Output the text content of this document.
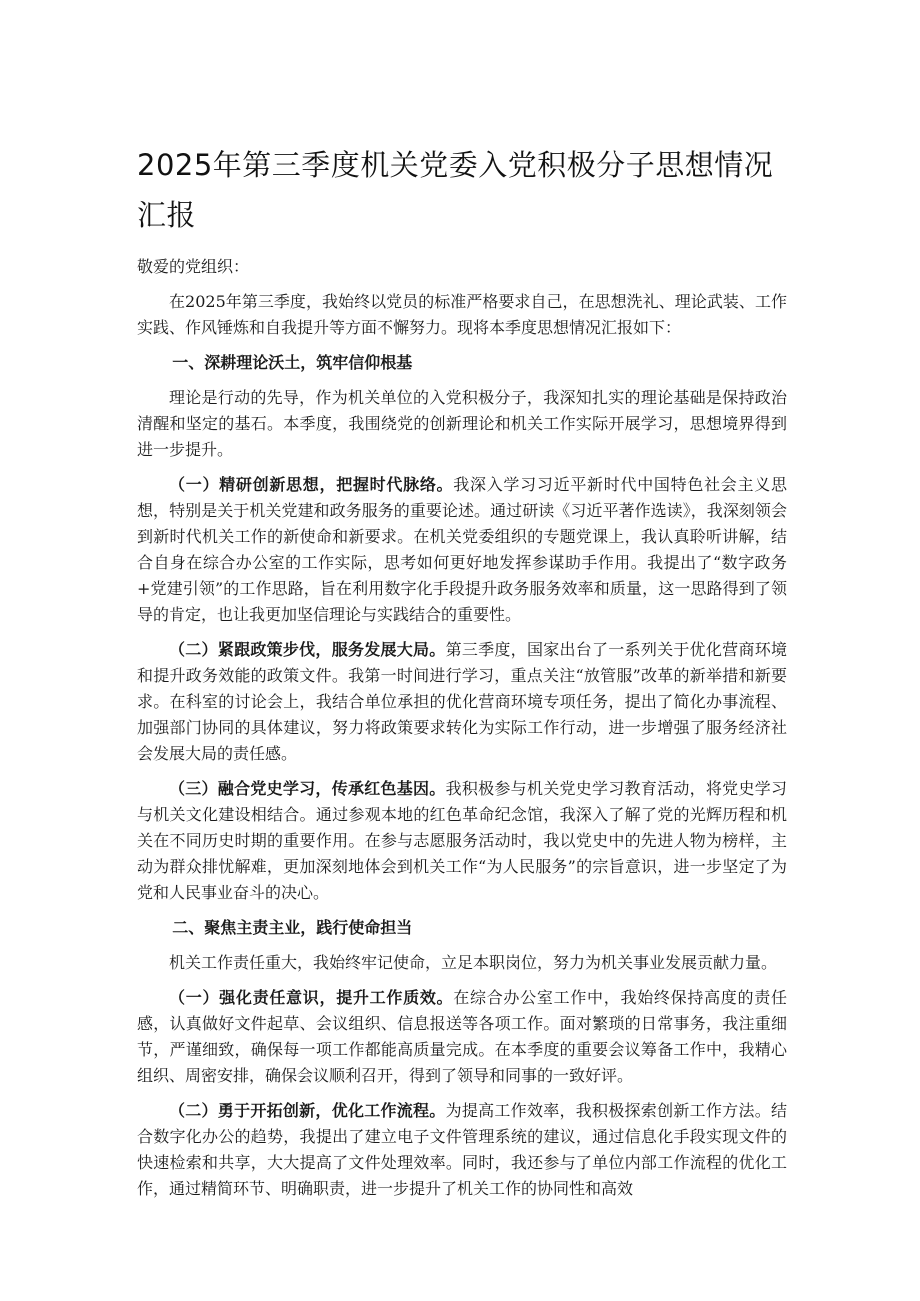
2025年第三季度机关党委入党积极分子思想情况汇报
敬爱的党组织：

在2025年第三季度，我始终以党员的标准严格要求自己，在思想洗礼、理论武装、工作实践、作风锤炼和自我提升等方面不懈努力。现将本季度思想情况汇报如下：

一、深耕理论沃土，筑牢信仰根基

理论是行动的先导，作为机关单位的入党积极分子，我深知扎实的理论基础是保持政治清醒和坚定的基石。本季度，我围绕党的创新理论和机关工作实际开展学习，思想境界得到进一步提升。

（一）精研创新思想，把握时代脉络。我深入学习习近平新时代中国特色社会主义思想，特别是关于机关党建和政务服务的重要论述。通过研读《习近平著作选读》，我深刻领会到新时代机关工作的新使命和新要求。在机关党委组织的专题党课上，我认真聆听讲解，结合自身在综合办公室的工作实际，思考如何更好地发挥参谋助手作用。我提出了“数字政务+党建引领”的工作思路，旨在利用数字化手段提升政务服务效率和质量，这一思路得到了领导的肯定，也让我更加坚信理论与实践结合的重要性。

（二）紧跟政策步伐，服务发展大局。第三季度，国家出台了一系列关于优化营商环境和提升政务效能的政策文件。我第一时间进行学习，重点关注“放管服”改革的新举措和新要求。在科室的讨论会上，我结合单位承担的优化营商环境专项任务，提出了简化办事流程、加强部门协同的具体建议，努力将政策要求转化为实际工作行动，进一步增强了服务经济社会发展大局的责任感。

（三）融合党史学习，传承红色基因。我积极参与机关党史学习教育活动，将党史学习与机关文化建设相结合。通过参观本地的红色革命纪念馆，我深入了解了党的光辉历程和机关在不同历史时期的重要作用。在参与志愿服务活动时，我以党史中的先进人物为榜样，主动为群众排忧解难，更加深刻地体会到机关工作“为人民服务”的宗旨意识，进一步坚定了为党和人民事业奋斗的决心。

二、聚焦主责主业，践行使命担当

机关工作责任重大，我始终牢记使命，立足本职岗位，努力为机关事业发展贡献力量。

（一）强化责任意识，提升工作质效。在综合办公室工作中，我始终保持高度的责任感，认真做好文件起草、会议组织、信息报送等各项工作。面对繁琐的日常事务，我注重细节，严谨细致，确保每一项工作都能高质量完成。在本季度的重要会议筹备工作中，我精心组织、周密安排，确保会议顺利召开，得到了领导和同事的一致好评。

（二）勇于开拓创新，优化工作流程。为提高工作效率，我积极探索创新工作方法。结合数字化办公的趋势，我提出了建立电子文件管理系统的建议，通过信息化手段实现文件的快速检索和共享，大大提高了文件处理效率。同时，我还参与了单位内部工作流程的优化工作，通过精简环节、明确职责，进一步提升了机关工作的协同性和高效
